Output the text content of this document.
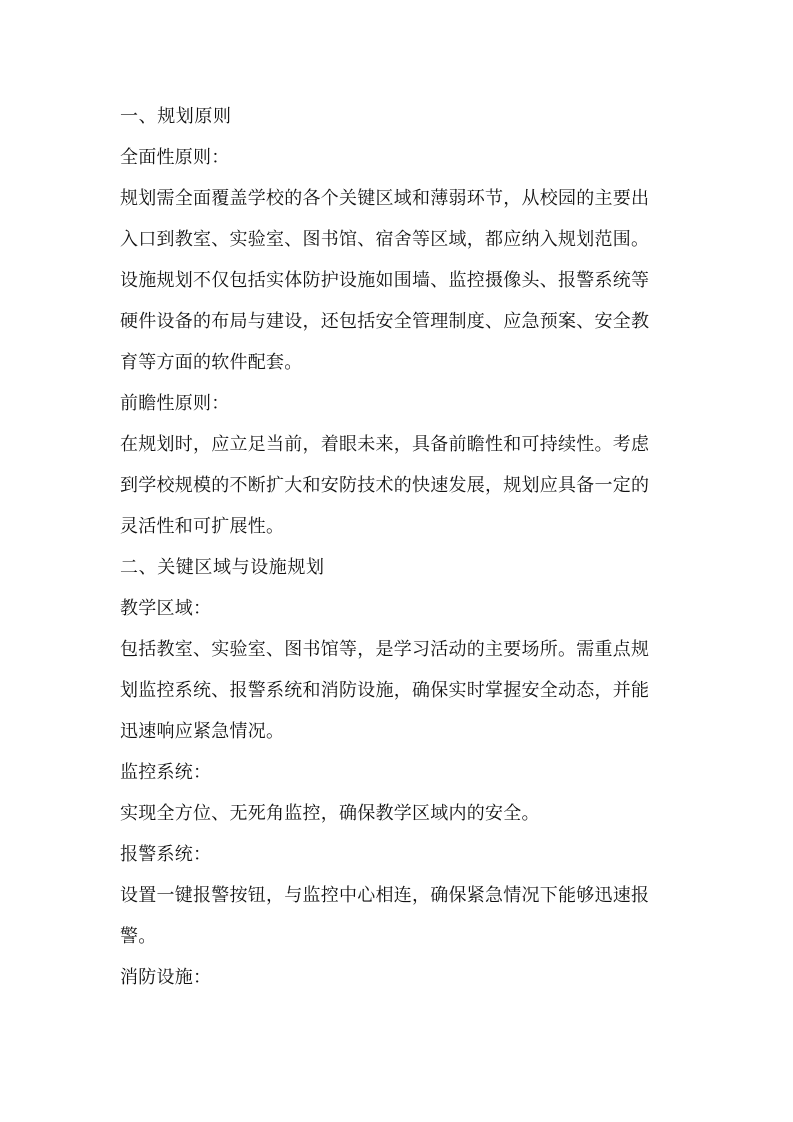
一、规划原则
全面性原则：
规划需全面覆盖学校的各个关键区域和薄弱环节，从校园的主要出
入口到教室、实验室、图书馆、宿舍等区域，都应纳入规划范围。
设施规划不仅包括实体防护设施如围墙、监控摄像头、报警系统等
硬件设备的布局与建设，还包括安全管理制度、应急预案、安全教
育等方面的软件配套。
前瞻性原则：
在规划时，应立足当前，着眼未来，具备前瞻性和可持续性。考虑
到学校规模的不断扩大和安防技术的快速发展，规划应具备一定的
灵活性和可扩展性。
二、关键区域与设施规划
教学区域：
包括教室、实验室、图书馆等，是学习活动的主要场所。需重点规
划监控系统、报警系统和消防设施，确保实时掌握安全动态，并能
迅速响应紧急情况。
监控系统：
实现全方位、无死角监控，确保教学区域内的安全。
报警系统：
设置一键报警按钮，与监控中心相连，确保紧急情况下能够迅速报
警。
消防设施：
